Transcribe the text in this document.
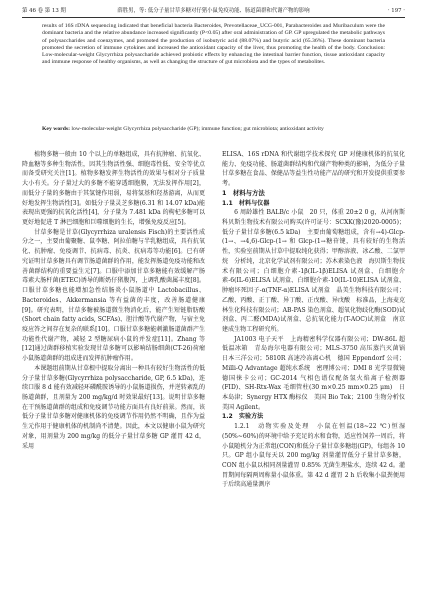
第 46 卷 第 13 期	薛胜男，等: 低分子量甘草多糖对仔猪小鼠免疫功能、肠道菌群和代谢产物的影响	· 197 ·

results of 16S rDNA sequencing indicated that beneficial bacteria Bacteroides, Prevotellaceae_UCG-001, Parabacteroides and Muribaculum were the dominant bacteria and the relative abundance increased significantly (P<0.05) after oral administration of GP. GP upregulated the metabolic pathways of polysaccharides and coenzymes, and promoted the production of isobutyric acid (88.07%) and butyric acid (65.36%). These dominant bacteria promoted the secretion of immune cytokines and increased the antioxidant capacity of the liver, thus promoting the health of the body. Conclusion: Low-molecular-weight Glycyrrhiza polysaccharide achieved probiotic effects by enhancing the intestinal barrier function, tissue antioxidant capacity and immune response of healthy organisms, as well as changing the structure of gut microbiota and the types of metabolites.

Key words: low-molecular-weight Glycyrrhiza polysaccharide (GP); immune function; gut microbiota; antioxidant activity

植物多糖一般由 10 个以上的单糖组成，具有抗肿瘤、抗氧化、降血糖等多种生物活性，因其生物活性强、细胞毒性低、安全等优点而备受研究关注[1]。植物多糖发挥生物活性的效果与相对分子质量大小有关。分子量过大的多糖不能穿透细胞膜，无法发挥作用[2]，而低分子量的多糖由于其氢键作用弱，易将氢基和羟基游离，从而更好地发挥生物活性[3]。如低分子量灵芝多糖(6.31 和 14.07 kDa)能表现出更强的抗氧化活性[4]，分子量为 7.481 kDa 的枸杞多糖可以更好地促进 T 淋巴细胞和巨噬细胞的生长，增强免疫反应[5]。

甘草多糖是甘草(Glycyrrhiza uralensis Fisch)的主要活性成分之一，主要由葡聚糖、鼠李糖、阿拉伯糖与半乳糖组成，具有抗氧化、抗肿瘤、免疫调节、抗病毒、抗炎、抗病毒等功能[6]。已有研究证明甘草多糖具有调节肠道菌群的作用，能发挥肠道免疫功能和改善菌群结构的重要益生元[7]。口服中添加甘草多糖能有效缓解产肠毒素大肠杆菌(ETEC)诱导的断奶仔猪腹泻，上调乳酸菌属丰度[8]。口服甘草多糖也能增加急性结肠炎小鼠肠道中 Lactobacillus、Bacteroides、Akkermansia 等有益菌的丰度，改善肠道健康[9]。研究表明，甘草多糖被肠道微生物消化后，能产生短链脂肪酸(Short chain fatty acids, SCFAs)、胆汁酸等代谢产物，与宿主免疫应答之间存在复杂的联系[10]。口服甘草多糖能刺激肠道菌群产生功能性代谢产物，减轻 2 型糖尿病小鼠的并发症[11]。Zhang 等[12]通过菌群移植实验发现甘草多糖可以影响结肠细菌(CT-26)荷瘤小鼠肠道菌群的组成进而发挥抗肿瘤作用。

本课题组前期从甘草根中提取分离出一种具有较好生物活性的低分子量甘草多糖(Glycyrrhiza polysaccharide, GP, 6.5 kDa)，连续口服 8 d 能有效减轻环磷酰胺诱导的小鼠肠道损伤，并逆转紊乱的肠道菌群，且剂量为 200 mg/kg/d 时效果最好[13]。说明甘草多糖在干预肠道菌群的组成和免疫调节功能方面具有良好前景。然而，该低分子量甘草多糖对健康机体的免疫调节作用仍然不明确，且作为益生元作用于健康机体的机制尚不清楚。因此，本文以健康小鼠为研究对象，用剂量为 200 mg/kg 的低分子量甘草多糖 GP 灌胃 42 d，采用

ELISA、16S rDNA 和代谢组学技术探究 GP 对健康机体的抗氧化能力、免疫功能、肠道菌群结构和代谢产物种类的影响，为低分子量甘草多糖在食品、保健品等益生性功能产品的研究和开发提供重要参考。

1　材料与方法
1.1　材料与仪器

6 周龄雄性 BALB/c 小鼠　20 只，体重 20±2 0 g，从河南斯科贝斯生物技术有限公司购买(许可证号：SCXK(豫)2020-0005)；低分子量甘草多糖(6.5 kDa)　主要由葡萄糖组成，含有→4)-Glcp-(1→、→4,6)-Glcp-(1→ 和 Glcp-(1→糖苷键，具有较好的生物活性，实验室前期从甘草中提取纯化获得；甲醇溶液、冰乙酸、二氯甲烷　分析纯，北京化学试剂有限公司；苏木素染色液　海贝斯生物技术有限公司；白细胞介素-1β(IL-1β)ELISA 试剂盒、白细胞介素-6(IL-6)ELISA 试剂盒、白细胞介素-10(IL-10)ELISA 试剂盒、肿瘤坏死因子-α(TNF-α)ELISA 试剂盒　晶美生物科技有限公司；乙酸、丙酸、正丁酸、异丁酸、正戊酸、异戊酸　标准品，上海麦克林生化科技有限公司；AB-PAS 染色剂盒、超氧化物歧化酶(SOD)试剂盒、丙二醛(MDA)试剂盒、总抗氧化能力(T-AOC)试剂盒　南京建成生物工程研究所。

JA1003 电子天平　上海精密科学仪器有限公司；DW-86L 超低温冰箱　青岛海尔电器有限公司；MLS-3750 高压蒸汽灭菌锅　日本三洋公司；5810R 高速冷冻离心机　德国 Eppendorf 公司；Milli-Q Advantage 超纯水系统　密理博公司；DMI 8 光学显微镜　德国徕卡公司；GC-2014 气相色谱仪配备氢火焰离子检测器(FID)、SH-Rtx-Wax 毛细管柱(30 m×0.25 mm×0.25 μm)　日本岛津；Synergy HTX 酶标仪　美国 Bio Tek；2100 生物分析仪　美国 Agilent。

1.2　实验方法

1.2.1　动物实验及处理　小鼠在恒温(18~22 ℃)恒湿(50%~60%)的环境中给予充足的水和食物，适应性饲养一周后，将小鼠随机分为正常组(CON)和低分子量甘草多糖组(GP)，每组各 10 只。GP 组小鼠每天以 200 mg/kg 剂量灌胃低分子量甘草多糖，CON 组小鼠以相同剂量灌胃 0.85% 无菌生理盐水，连续 42 d。灌胃期间每隔两周称量小鼠体重。第 42 d 灌胃 2 h 后收集小鼠粪便用于后续高通量测序
